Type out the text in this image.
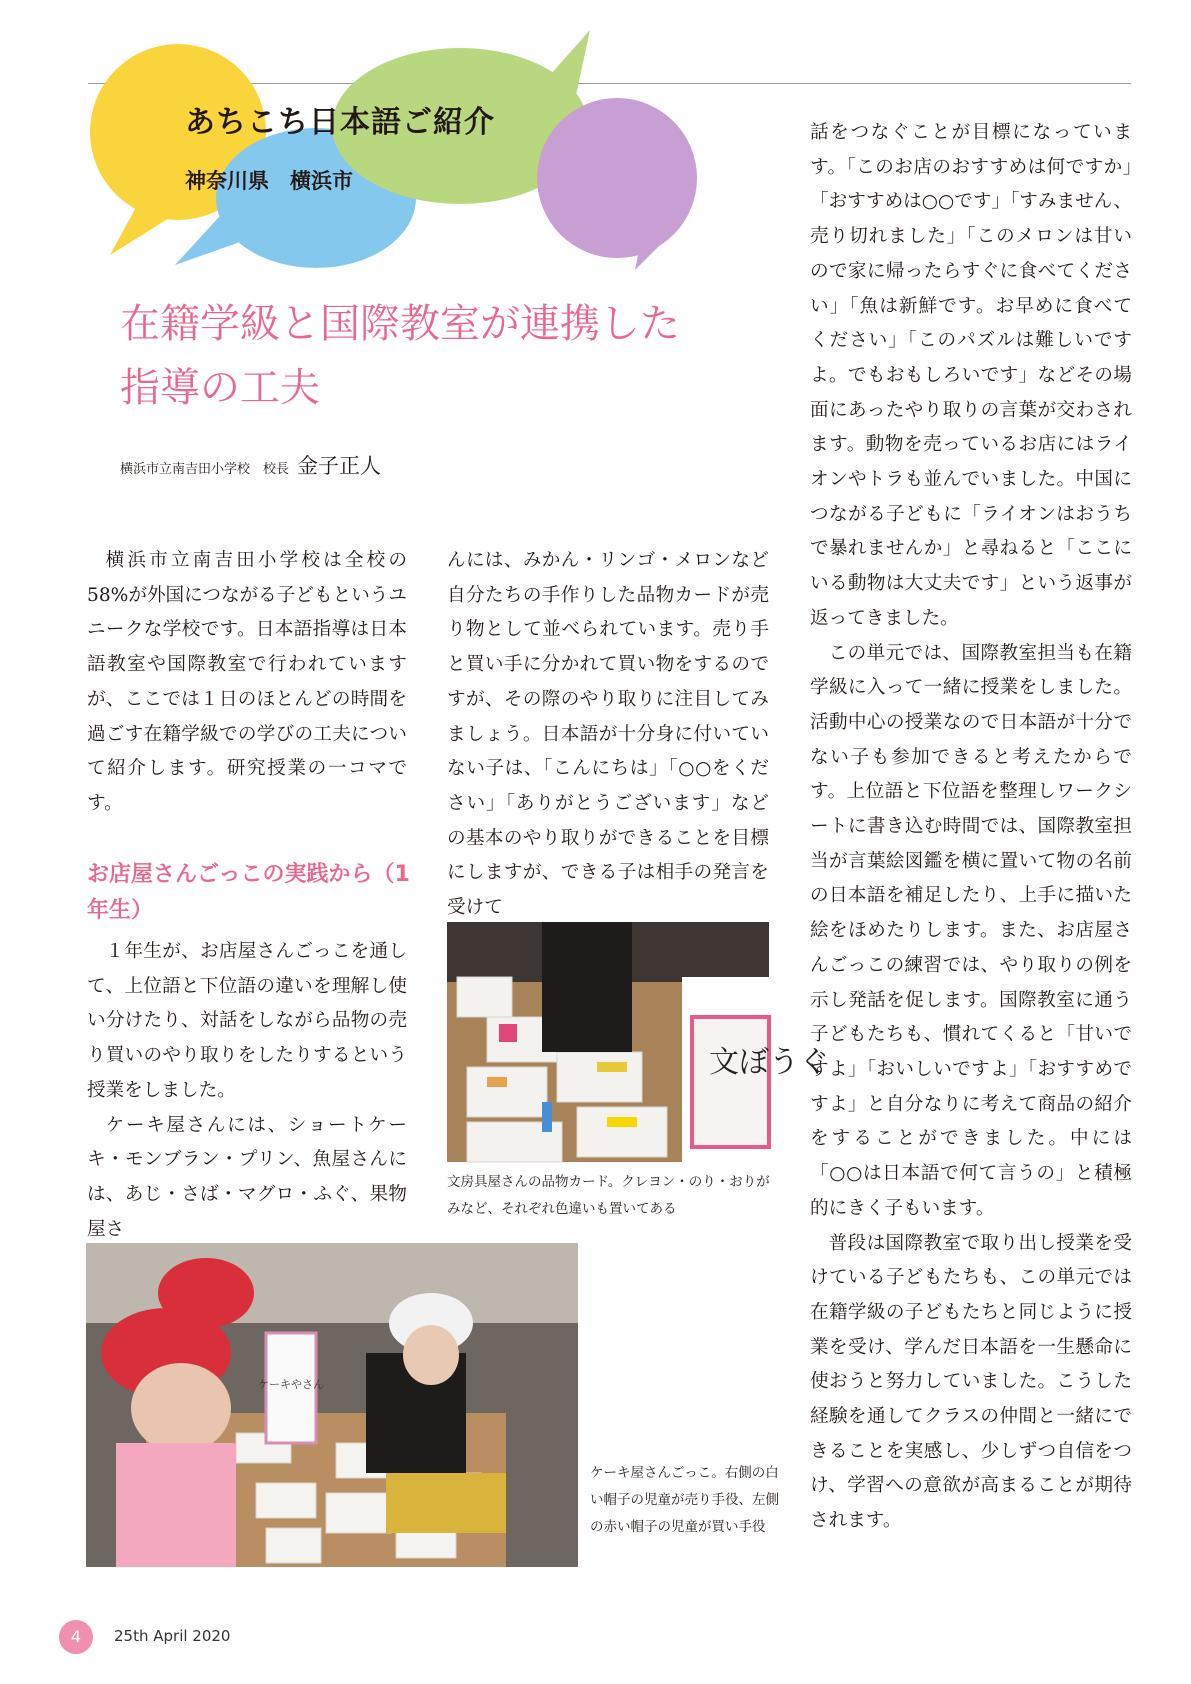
あちこち日本語ご紹介
神奈川県　横浜市
在籍学級と国際教室が連携した
指導の工夫
横浜市立南吉田小学校　校長 金子正人

横浜市立南吉田小学校は全校の58%が外国につながる子どもというユニークな学校です。日本語指導は日本語教室や国際教室で行われていますが、ここでは１日のほとんどの時間を過ごす在籍学級での学びの工夫について紹介します。研究授業の一コマです。

お店屋さんごっこの実践から（1年生）

１年生が、お店屋さんごっこを通して、上位語と下位語の違いを理解し使い分けたり、対話をしながら品物の売り買いのやり取りをしたりするという授業をしました。

ケーキ屋さんには、ショートケーキ・モンブラン・プリン、魚屋さんには、あじ・さば・マグロ・ふぐ、果物屋さ

んには、みかん・リンゴ・メロンなど自分たちの手作りした品物カードが売り物として並べられています。売り手と買い手に分かれて買い物をするのですが、その際のやり取りに注目してみましょう。日本語が十分身に付いていない子は、「こんにちは」「○○をください」「ありがとうございます」などの基本のやり取りができることを目標にしますが、できる子は相手の発言を受けて

話をつなぐことが目標になっています。「このお店のおすすめは何ですか」「おすすめは○○です」「すみません、売り切れました」「このメロンは甘いので家に帰ったらすぐに食べてください」「魚は新鮮です。お早めに食べてください」「このパズルは難しいですよ。でもおもしろいです」などその場面にあったやり取りの言葉が交わされます。動物を売っているお店にはライオンやトラも並んでいました。中国につながる子どもに「ライオンはおうちで暴れませんか」と尋ねると「ここにいる動物は大丈夫です」という返事が返ってきました。

この単元では、国際教室担当も在籍学級に入って一緒に授業をしました。活動中心の授業なので日本語が十分でない子も参加できると考えたからです。上位語と下位語を整理しワークシートに書き込む時間では、国際教室担当が言葉絵図鑑を横に置いて物の名前の日本語を補足したり、上手に描いた絵をほめたりします。また、お店屋さんごっこの練習では、やり取りの例を示し発話を促します。国際教室に通う子どもたちも、慣れてくると「甘いですよ」「おいしいですよ」「おすすめですよ」と自分なりに考えて商品の紹介をすることができました。中には「○○は日本語で何て言うの」と積極的にきく子もいます。

普段は国際教室で取り出し授業を受けている子どもたちも、この単元では在籍学級の子どもたちと同じように授業を受け、学んだ日本語を一生懸命に使おうと努力していました。こうした経験を通してクラスの仲間と一緒にできることを実感し、少しずつ自信をつけ、学習への意欲が高まることが期待されます。

文ぼうぐ
文房具屋さんの品物カード。クレヨン・のり・おりがみなど、それぞれ色違いも置いてある
ケーキやさん
ケーキ屋さんごっこ。右側の白い帽子の児童が売り手役、左側の赤い帽子の児童が買い手役
4	25th April 2020
